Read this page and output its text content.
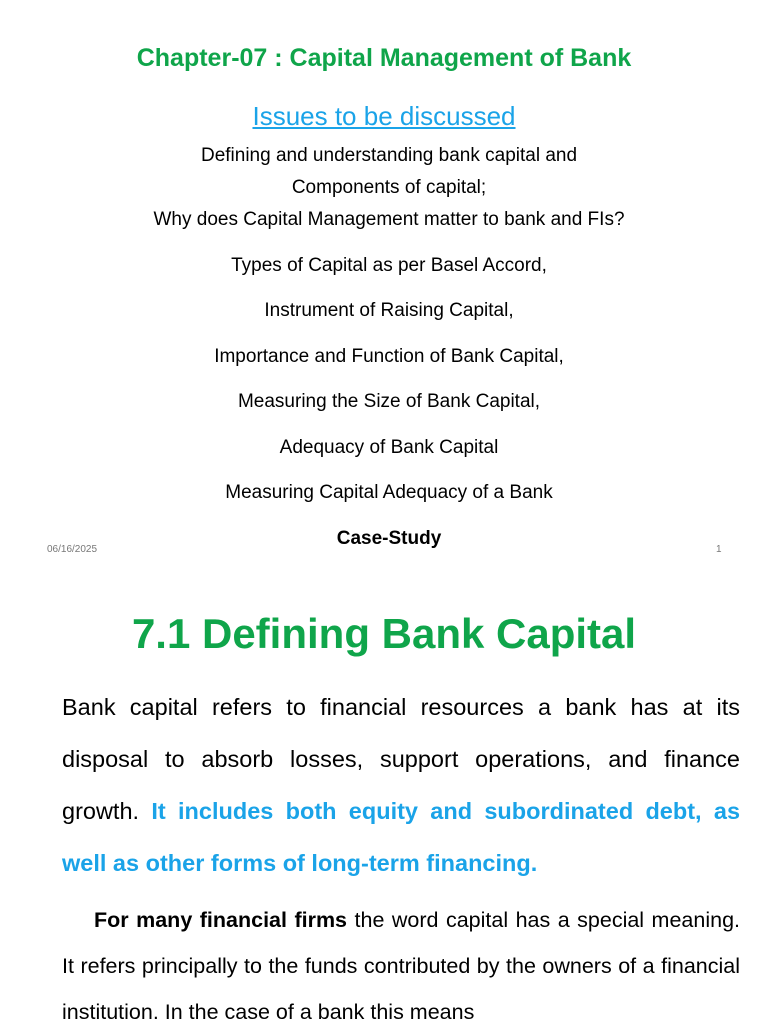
Chapter-07 : Capital Management of Bank
Issues to be discussed
Defining and understanding bank capital and
Components of capital;
Why does Capital Management matter to bank and FIs?
Types of Capital as per Basel Accord,
Instrument of Raising Capital,
Importance and Function of Bank Capital,
Measuring the Size of Bank Capital,
Adequacy of Bank Capital
Measuring Capital Adequacy of a Bank
Case-Study
06/16/2025	1
7.1 Defining Bank Capital
Bank capital refers to financial resources a bank has at its disposal to absorb losses, support operations, and finance growth. It includes both equity and subordinated debt, as well as other forms of long-term financing.
For many financial firms the word capital has a special meaning. It refers principally to the funds contributed by the owners of a financial institution. In the case of a bank this means
